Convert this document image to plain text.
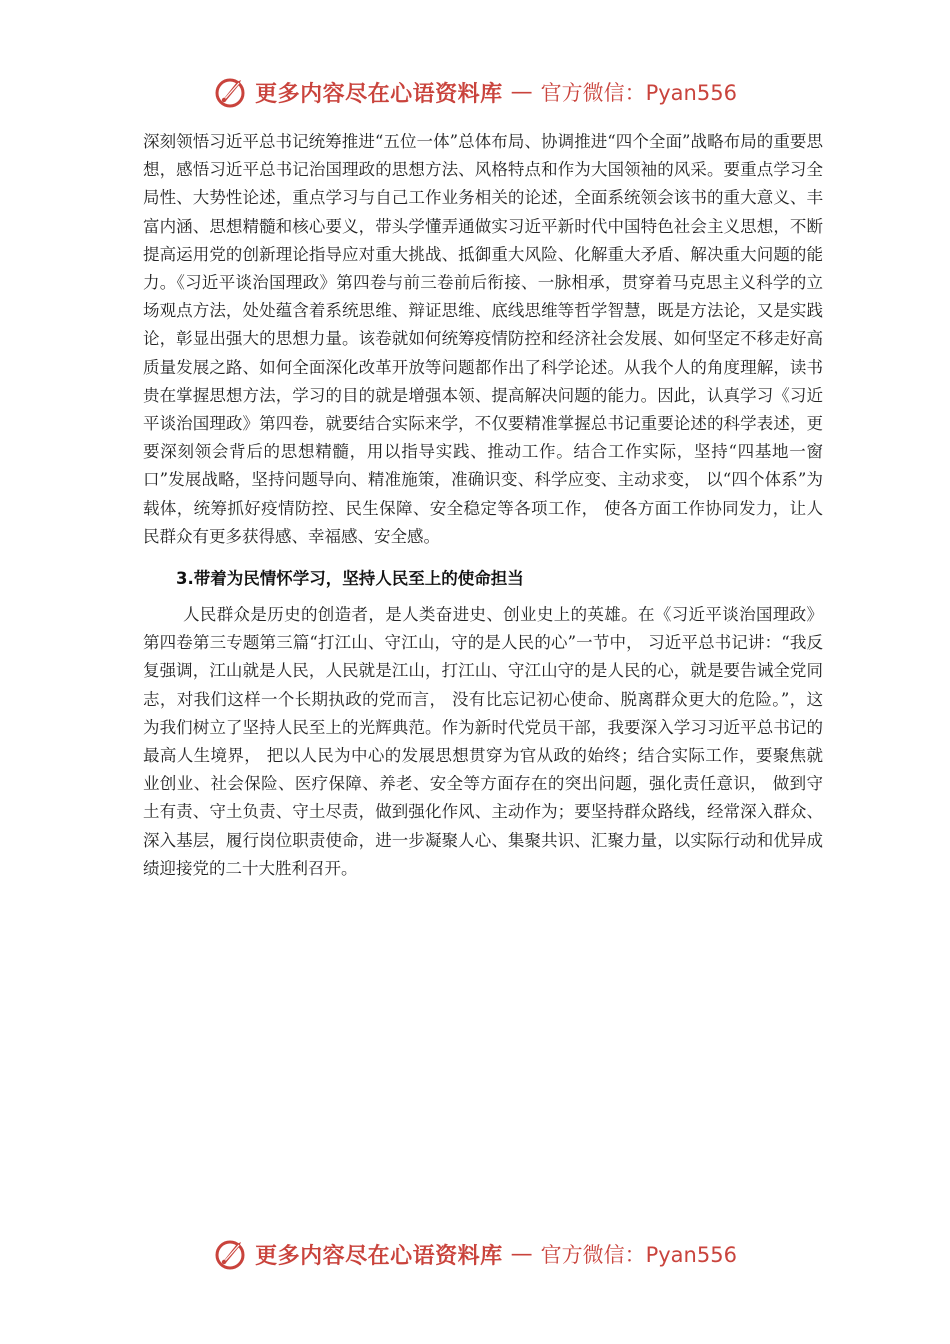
更多内容尽在心语资料库 — 官方微信：Pyan556

深刻领悟习近平总书记统筹推进“五位一体”总体布局、协调推进“四个全面”战略布局的重要思想，感悟习近平总书记治国理政的思想方法、风格特点和作为大国领袖的风采。要重点学习全局性、大势性论述，重点学习与自己工作业务相关的论述，全面系统领会该书的重大意义、丰富内涵、思想精髓和核心要义，带头学懂弄通做实习近平新时代中国特色社会主义思想，不断提高运用党的创新理论指导应对重大挑战、抵御重大风险、化解重大矛盾、解决重大问题的能力。《习近平谈治国理政》第四卷与前三卷前后衔接、一脉相承，贯穿着马克思主义科学的立场观点方法，处处蕴含着系统思维、辩证思维、底线思维等哲学智慧，既是方法论，又是实践论，彰显出强大的思想力量。该卷就如何统筹疫情防控和经济社会发展、如何坚定不移走好高质量发展之路、如何全面深化改革开放等问题都作出了科学论述。从我个人的角度理解，读书贵在掌握思想方法，学习的目的就是增强本领、提高解决问题的能力。因此，认真学习《习近平谈治国理政》第四卷，就要结合实际来学，不仅要精准掌握总书记重要论述的科学表述，更要深刻领会背后的思想精髓，用以指导实践、推动工作。结合工作实际，坚持“四基地一窗口”发展战略，坚持问题导向、精准施策，准确识变、科学应变、主动求变， 以“四个体系”为载体，统筹抓好疫情防控、民生保障、安全稳定等各项工作， 使各方面工作协同发力，让人民群众有更多获得感、幸福感、安全感。

3.带着为民情怀学习，坚持人民至上的使命担当

人民群众是历史的创造者，是人类奋进史、创业史上的英雄。在《习近平谈治国理政》第四卷第三专题第三篇“打江山、守江山，守的是人民的心”一节中， 习近平总书记讲：“我反复强调，江山就是人民，人民就是江山，打江山、守江山守的是人民的心，就是要告诫全党同志，对我们这样一个长期执政的党而言， 没有比忘记初心使命、脱离群众更大的危险。”，这为我们树立了坚持人民至上的光辉典范。作为新时代党员干部，我要深入学习习近平总书记的最高人生境界， 把以人民为中心的发展思想贯穿为官从政的始终；结合实际工作，要聚焦就业创业、社会保险、医疗保障、养老、安全等方面存在的突出问题，强化责任意识， 做到守土有责、守土负责、守土尽责，做到强化作风、主动作为；要坚持群众路线，经常深入群众、深入基层，履行岗位职责使命，进一步凝聚人心、集聚共识、汇聚力量，以实际行动和优异成绩迎接党的二十大胜利召开。

更多内容尽在心语资料库 — 官方微信：Pyan556
